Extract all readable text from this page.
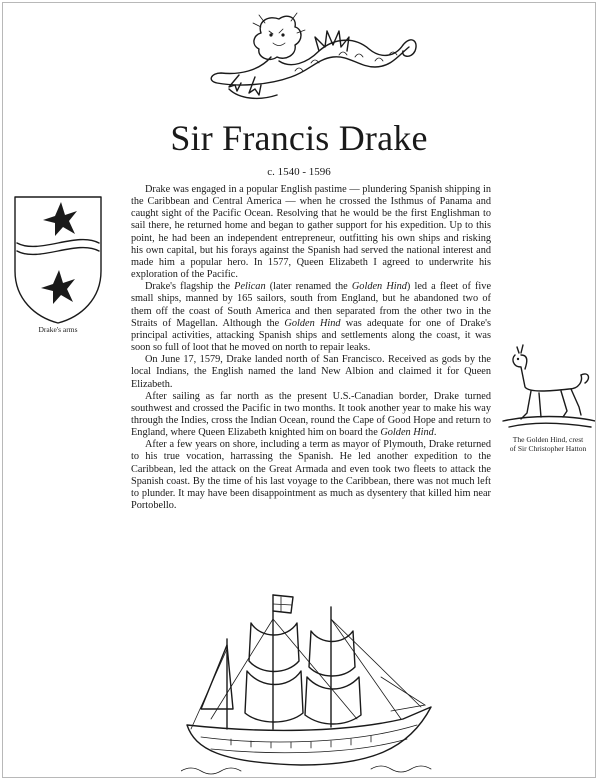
Sir Francis Drake
c. 1540 - 1596
Drake's arms
The Golden Hind, crest
of Sir Christopher Hatton

Drake was engaged in a popular English pastime — plundering Spanish shipping in the Caribbean and Central America — when he crossed the Isthmus of Panama and caught sight of the Pacific Ocean. Resolving that he would be the first Englishman to sail there, he returned home and began to gather support for his expedition. Up to this point, he had been an independent entrepreneur, outfitting his own ships and risking his own capital, but his forays against the Spanish had served the national interest and made him a popular hero. In 1577, Queen Elizabeth I agreed to underwrite his exploration of the Pacific.

Drake's flagship the Pelican (later renamed the Golden Hind) led a fleet of five small ships, manned by 165 sailors, south from England, but he abandoned two of them off the coast of South America and then separated from the other two in the Straits of Magellan. Although the Golden Hind was adequate for one of Drake's principal activities, attacking Spanish ships and settlements along the coast, it was soon so full of loot that he moved on north to repair leaks.

On June 17, 1579, Drake landed north of San Francisco. Received as gods by the local Indians, the English named the land New Albion and claimed it for Queen Elizabeth.

After sailing as far north as the present U.S.-Canadian border, Drake turned southwest and crossed the Pacific in two months. It took another year to make his way through the Indies, cross the Indian Ocean, round the Cape of Good Hope and return to England, where Queen Elizabeth knighted him on board the Golden Hind.

After a few years on shore, including a term as mayor of Plymouth, Drake returned to his true vocation, harrassing the Spanish. He led another expedition to the Caribbean, led the attack on the Great Armada and even took two fleets to attack the Spanish coast. By the time of his last voyage to the Caribbean, there was not much left to plunder. It may have been disappointment as much as dysentery that killed him near Portobello.
